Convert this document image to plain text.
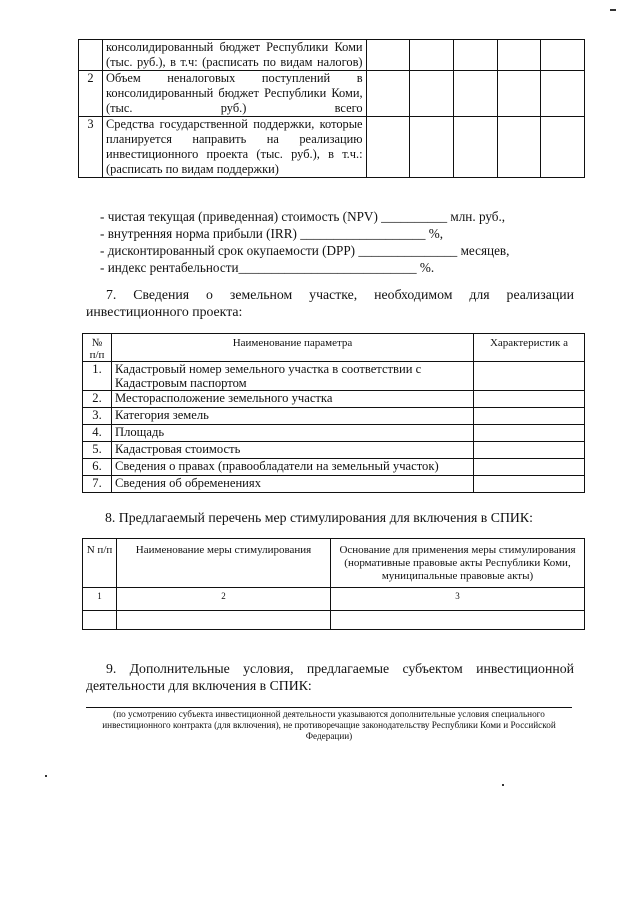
	консолидированный бюджет Республики Коми (тыс. руб.), в т.ч: (расписать по видам налогов)					
2	Объем неналоговых поступлений в консолидированный бюджет Республики Коми, (тыс. руб.) всего					
3	Средства государственной поддержки, которые планируется направить на реализацию инвестиционного проекта (тыс. руб.), в т.ч.: (расписать по видам поддержки)					
- чистая текущая (приведенная) стоимость (NPV) __________ млн. руб.,
- внутренняя норма прибыли (IRR) ___________________ %,
- дисконтированный срок окупаемости (DPP) _______________ месяцев,
- индекс рентабельности___________________________ %.
7. Сведения о земельном участке, необходимом для реализации
инвестиционного проекта:
№ п/п	Наименование параметра	Характеристик а
1.	Кадастровый номер земельного участка в соответствии с Кадастровым паспортом	
2.	Месторасположение земельного участка	
3.	Категория земель	
4.	Площадь	
5.	Кадастровая стоимость	
6.	Сведения о правах (правообладатели на земельный участок)	
7.	Сведения об обременениях	
8. Предлагаемый перечень мер стимулирования для включения в СПИК:
N п/п	Наименование меры стимулирования	Основание для применения меры стимулирования (нормативные правовые акты Республики Коми, муниципальные правовые акты)
1	2	3

9. Дополнительные условия, предлагаемые субъектом инвестиционной
деятельности для включения в СПИК:
(по усмотрению субъекта инвестиционной деятельности указываются дополнительные условия специального инвестиционного контракта (для включения), не противоречащие законодательству Республики Коми и Российской Федерации)
